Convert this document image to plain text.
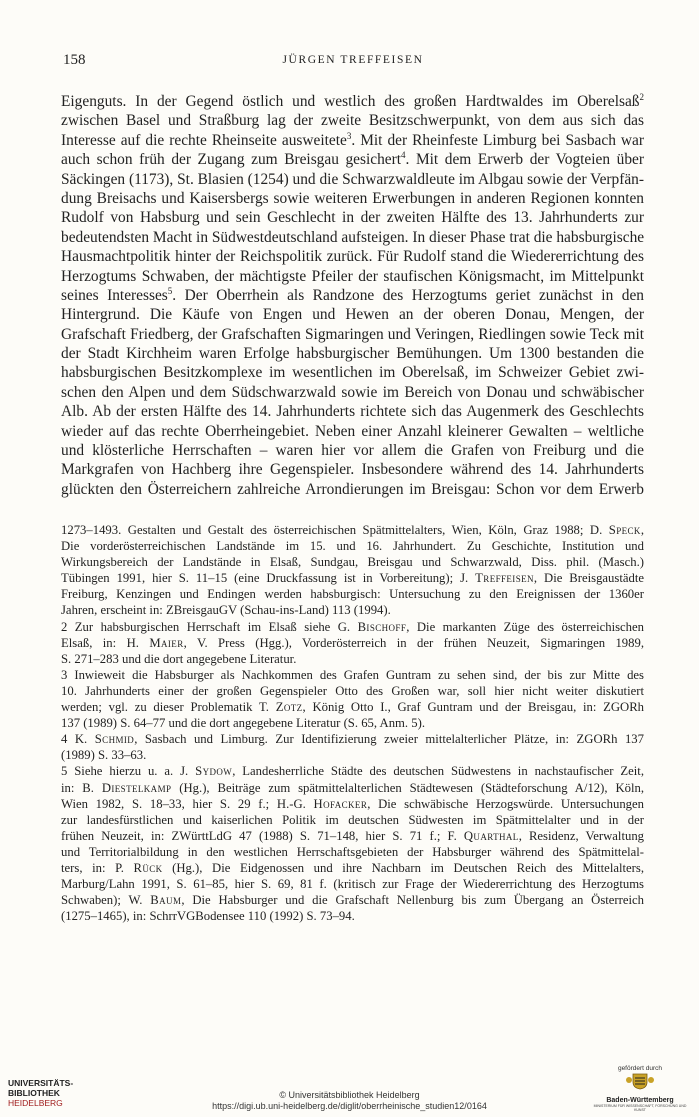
158	JÜRGEN TREFFEISEN
Eigenguts. In der Gegend östlich und westlich des großen Hardtwaldes im Oberelsaß$^2$
zwischen Basel und Straßburg lag der zweite Besitzschwerpunkt, von dem aus sich das
Interesse auf die rechte Rheinseite ausweitete$^3$. Mit der Rheinfeste Limburg bei Sasbach war
auch schon früh der Zugang zum Breisgau gesichert$^4$. Mit dem Erwerb der Vogteien über
Säckingen (1173), St. Blasien (1254) und die Schwarzwaldleute im Albgau sowie der Verpfän-
dung Breisachs und Kaisersbergs sowie weiteren Erwerbungen in anderen Regionen konnten
Rudolf von Habsburg und sein Geschlecht in der zweiten Hälfte des 13. Jahrhunderts zur
bedeutendsten Macht in Südwestdeutschland aufsteigen. In dieser Phase trat die habsburgische
Hausmachtpolitik hinter der Reichspolitik zurück. Für Rudolf stand die Wiedererrichtung des
Herzogtums Schwaben, der mächtigste Pfeiler der staufischen Königsmacht, im Mittelpunkt
seines Interesses$^5$. Der Oberrhein als Randzone des Herzogtums geriet zunächst in den
Hintergrund. Die Käufe von Engen und Hewen an der oberen Donau, Mengen, der
Grafschaft Friedberg, der Grafschaften Sigmaringen und Veringen, Riedlingen sowie Teck mit
der Stadt Kirchheim waren Erfolge habsburgischer Bemühungen. Um 1300 bestanden die
habsburgischen Besitzkomplexe im wesentlichen im Oberelsaß, im Schweizer Gebiet zwi-
schen den Alpen und dem Südschwarzwald sowie im Bereich von Donau und schwäbischer
Alb. Ab der ersten Hälfte des 14. Jahrhunderts richtete sich das Augenmerk des Geschlechts
wieder auf das rechte Oberrheingebiet. Neben einer Anzahl kleinerer Gewalten – weltliche
und klösterliche Herrschaften – waren hier vor allem die Grafen von Freiburg und die
Markgrafen von Hachberg ihre Gegenspieler. Insbesondere während des 14. Jahrhunderts
glückten den Österreichern zahlreiche Arrondierungen im Breisgau: Schon vor dem Erwerb
1273–1493. Gestalten und Gestalt des österreichischen Spätmittelalters, Wien, Köln, Graz 1988; D. Speck,
Die vorderösterreichischen Landstände im 15. und 16. Jahrhundert. Zu Geschichte, Institution und
Wirkungsbereich der Landstände in Elsaß, Sundgau, Breisgau und Schwarzwald, Diss. phil. (Masch.)
Tübingen 1991, hier S. 11–15 (eine Druckfassung ist in Vorbereitung); J. Treffeisen, Die Breisgaustädte
Freiburg, Kenzingen und Endingen werden habsburgisch: Untersuchung zu den Ereignissen der 1360er
Jahren, erscheint in: ZBreisgauGV (Schau-ins-Land) 113 (1994).
2 Zur habsburgischen Herrschaft im Elsaß siehe G. Bischoff, Die markanten Züge des österreichischen
Elsaß, in: H. Maier, V. Press (Hgg.), Vorderösterreich in der frühen Neuzeit, Sigmaringen 1989,
S. 271–283 und die dort angegebene Literatur.
3 Inwieweit die Habsburger als Nachkommen des Grafen Guntram zu sehen sind, der bis zur Mitte des
10. Jahrhunderts einer der großen Gegenspieler Otto des Großen war, soll hier nicht weiter diskutiert
werden; vgl. zu dieser Problematik T. Zotz, König Otto I., Graf Guntram und der Breisgau, in: ZGORh
137 (1989) S. 64–77 und die dort angegebene Literatur (S. 65, Anm. 5).
4 K. Schmid, Sasbach und Limburg. Zur Identifizierung zweier mittelalterlicher Plätze, in: ZGORh 137
(1989) S. 33–63.
5 Siehe hierzu u. a. J. Sydow, Landesherrliche Städte des deutschen Südwestens in nachstaufischer Zeit,
in: B. Diestelkamp (Hg.), Beiträge zum spätmittelalterlichen Städtewesen (Städteforschung A/12), Köln,
Wien 1982, S. 18–33, hier S. 29 f.; H.-G. Hofacker, Die schwäbische Herzogswürde. Untersuchungen
zur landesfürstlichen und kaiserlichen Politik im deutschen Südwesten im Spätmittelalter und in der
frühen Neuzeit, in: ZWürttLdG 47 (1988) S. 71–148, hier S. 71 f.; F. Quarthal, Residenz, Verwaltung
und Territorialbildung in den westlichen Herrschaftsgebieten der Habsburger während des Spätmittelal-
ters, in: P. Rück (Hg.), Die Eidgenossen und ihre Nachbarn im Deutschen Reich des Mittelalters,
Marburg/Lahn 1991, S. 61–85, hier S. 69, 81 f. (kritisch zur Frage der Wiedererrichtung des Herzogtums
Schwaben); W. Baum, Die Habsburger und die Grafschaft Nellenburg bis zum Übergang an Österreich
(1275–1465), in: SchrrVGBodensee 110 (1992) S. 73–94.
UNIVERSITÄTS-
BIBLIOTHEK
HEIDELBERG
© Universitätsbibliothek Heidelberg
https://digi.ub.uni-heidelberg.de/diglit/oberrheinische_studien12/0164
gefördert durch
Baden-Württemberg
MINISTERIUM FÜR WISSENSCHAFT, FORSCHUNG UND KUNST
